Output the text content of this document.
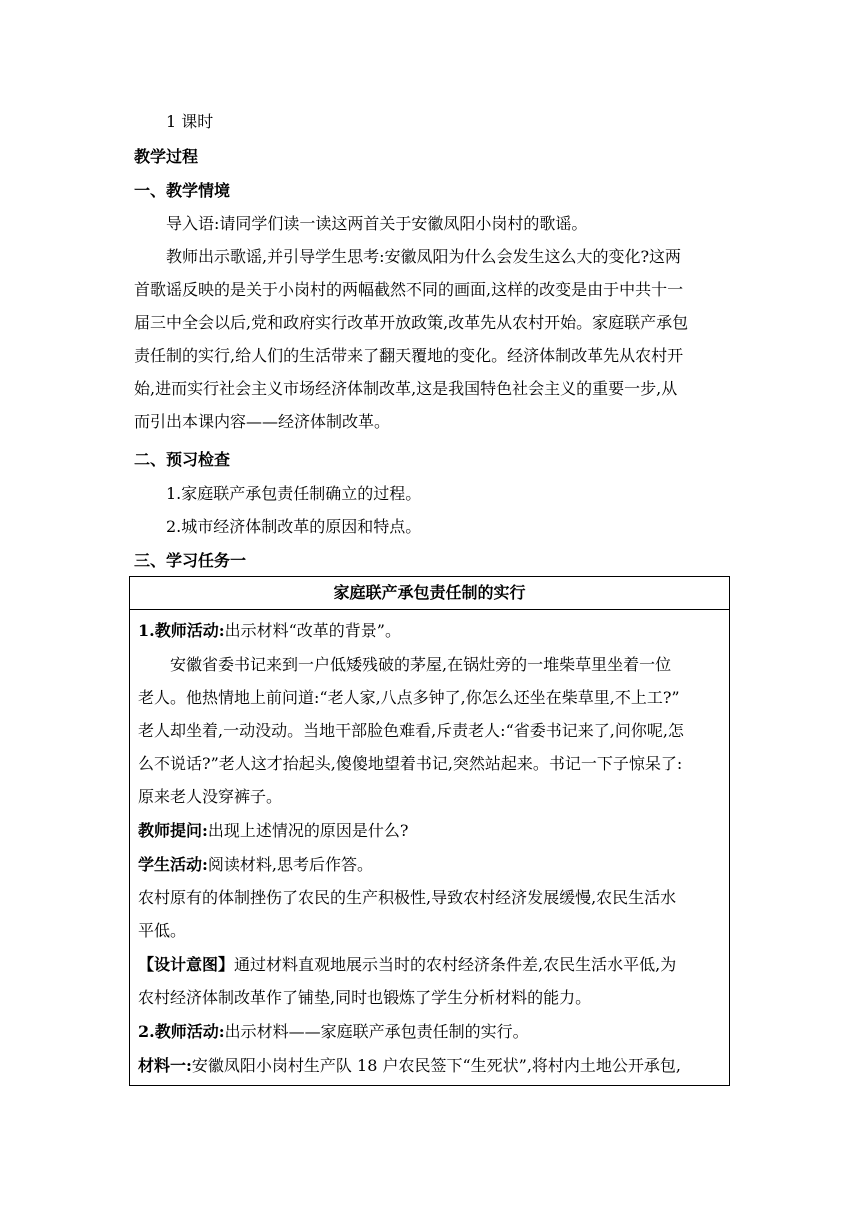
1 课时
教学过程
一、教学情境
导入语:请同学们读一读这两首关于安徽凤阳小岗村的歌谣。
教师出示歌谣,并引导学生思考:安徽凤阳为什么会发生这么大的变化?这两
首歌谣反映的是关于小岗村的两幅截然不同的画面,这样的改变是由于中共十一
届三中全会以后,党和政府实行改革开放政策,改革先从农村开始。家庭联产承包
责任制的实行,给人们的生活带来了翻天覆地的变化。经济体制改革先从农村开
始,进而实行社会主义市场经济体制改革,这是我国特色社会主义的重要一步,从
而引出本课内容——经济体制改革。
二、预习检查
1.家庭联产承包责任制确立的过程。
2.城市经济体制改革的原因和特点。
三、学习任务一
家庭联产承包责任制的实行
1.教师活动:出示材料“改革的背景”。
安徽省委书记来到一户低矮残破的茅屋,在锅灶旁的一堆柴草里坐着一位
老人。他热情地上前问道:“老人家,八点多钟了,你怎么还坐在柴草里,不上工?”
老人却坐着,一动没动。当地干部脸色难看,斥责老人:“省委书记来了,问你呢,怎
么不说话?”老人这才抬起头,傻傻地望着书记,突然站起来。书记一下子惊呆了:
原来老人没穿裤子。
教师提问:出现上述情况的原因是什么?
学生活动:阅读材料,思考后作答。
农村原有的体制挫伤了农民的生产积极性,导致农村经济发展缓慢,农民生活水
平低。
【设计意图】通过材料直观地展示当时的农村经济条件差,农民生活水平低,为
农村经济体制改革作了铺垫,同时也锻炼了学生分析材料的能力。
2.教师活动:出示材料——家庭联产承包责任制的实行。
材料一:安徽凤阳小岗村生产队 18 户农民签下“生死状”,将村内土地公开承包,
